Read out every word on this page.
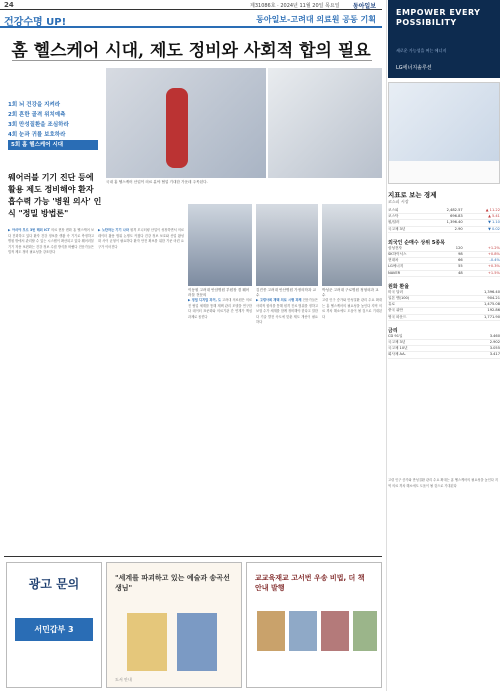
24	제31086호 · 2024년 11월 20일 목요일 동아일보
건강수명 UP!	동아일보-고려대 의료원 공동 기획
홈 헬스케어 시대, 제도 정비와 사회적 합의 필요
1회 뇌 건강을 지켜라
2회 흔한 골격 위치예측
3회 만성질환을 조심하라
4회 눈과 귀를 보호하라
5회 홈 헬스케어 시대
웨어러블 기기 진단 등에 활용 제도 정비해야 환자 흡수력 가능 '병원 의사' 인식 "정밀 방법론"
국내 홈 헬스케어 산업이 의료 분야 협업 기대한 가운데 주목된다.
▶ 아셔야 모르 3번 해외 ICT 의료 현장 변화 홈 헬스케어 보다 진화하고 있다 환자 건강 정보를 생활 속 기기로 측정하고 병원 밖에서 관리할 수 있는 시스템이 확산되고 있다 웨어러블 기기 착용 보편화는 건강 정보 수집 방식을 바꿨다 전문가들은 법적 제도 정비 필요성을 강조한다
▶ 노란하는 기기 나라 원격 모니터링 산업이 성장하면서 의료 데이터 활용 범위 논쟁도 커졌다 건강 정보 보호와 산업 활성화 사이 균형이 필요하다 환자 안전 확보를 위한 기준 마련 요구가 이어진다
이동원 고려대 안암병원 부원장 겸 웨어러블 전문의
김진종 고려대 안산병원 가정의학과 교수
박성준 고려대 구로병원 정형외과 교수
▶ 정밀 디지털 과거, 도 고려대 의료원은 의료진 협업 체계를 통해 재택 관리 모델을 연구한다 데이터 표준화와 의료기관 간 연계가 핵심 과제로 꼽힌다
▶ 고령사회 재택 의료 시행 과제 전문가들은 사회적 합의를 통해 원격 진료 범위를 정하고 보험 수가 체계를 함께 정비해야 한다고 말한다 기술 발전 속도에 맞춘 제도 개선이 필요하다
고령 인구 증가와 만성질환 관리 수요 확대는 홈 헬스케어의 필요성을 높인다 지역 의료 격차 해소에도 도움이 될 것으로 기대된다
광고 문의
서민갑부 3
"세계를 파괴하고 있는 예술과 송곡선생님"
도서 안내
교교육재교 고서번 우송 비법, 더 책 안내 발행
EMPOWER EVERY POSSIBILITY
새로운 가능성을 여는 에너지
LG에너지솔루션
지표로 보는 경제
코스피 시장
코스피	2,482.57	▲ 11.22
코스닥	696.83	▲ 5.41
원/달러	1,396.40	▼ 1.10
국고채 3년	2.90	▼ 0.02
외국인 순매수 상위 5종목
삼성전자	120	+1.2%
SK하이닉스	98	+0.8%
현대차	66	-0.4%
LG에너지	55	+0.3%
NAVER	48	+1.5%
원화 환율
미국 달러	1,396.40
일본 엔(100)	904.21
유로	1,475.08
중국 위안	192.86
영국 파운드	1,771.90
금리
CD 91일	3.460
국고채 3년	2.902
국고채 10년	3.055
회사채 AA-	3.417
고령 인구 증가와 만성질환 관리 수요 확대는 홈 헬스케어의 필요성을 높인다 지역 의료 격차 해소에도 도움이 될 것으로 기대된다
